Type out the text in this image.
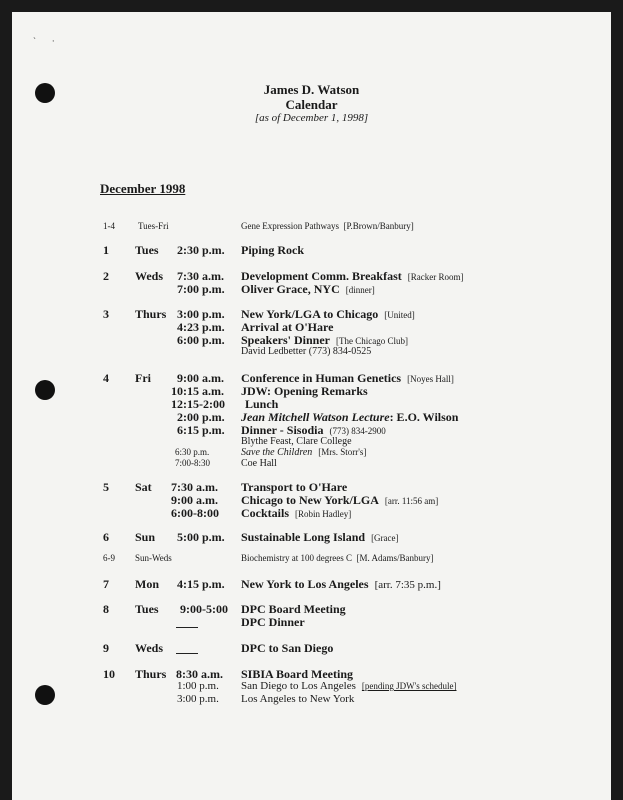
ˋ       ·
James D. Watson
Calendar
[as of December 1, 1998]
December 1998
1-4	Tues-Fri	Gene Expression Pathways [P.Brown/Banbury]
1 Tues 2:30 p.m. Piping Rock
2 Weds 7:30 a.m. Development Comm. Breakfast [Racker Room]
7:00 p.m. Oliver Grace, NYC [dinner]
3 Thurs 3:00 p.m. New York/LGA to Chicago [United]
4:23 p.m. Arrival at O'Hare
6:00 p.m. Speakers' Dinner [The Chicago Club]
David Ledbetter (773) 834-0525
4 Fri 9:00 a.m. Conference in Human Genetics [Noyes Hall]
10:15 a.m. JDW: Opening Remarks
12:15-2:00 Lunch
2:00 p.m. Jean Mitchell Watson Lecture: E.O. Wilson
6:15 p.m. Dinner - Sisodia (773) 834-2900
Blythe Feast, Clare College
6:30 p.m.	Save the Children [Mrs. Storr's]
7:00-8:30	Coe Hall
5 Sat 7:30 a.m. Transport to O'Hare
9:00 a.m. Chicago to New York/LGA [arr. 11:56 am]
6:00-8:00 Cocktails [Robin Hadley]
6 Sun 5:00 p.m. Sustainable Long Island [Grace]
6-9 Sun-Weds	Biochemistry at 100 degrees C [M. Adams/Banbury]
7 Mon 4:15 p.m. New York to Los Angeles [arr. 7:35 p.m.]
8 Tues 9:00-5:00 DPC Board Meeting
DPC Dinner
9 Weds	DPC to San Diego
10 Thurs 8:30 a.m. SIBIA Board Meeting
1:00 p.m. San Diego to Los Angeles [pending JDW's schedule]
3:00 p.m. Los Angeles to New York
